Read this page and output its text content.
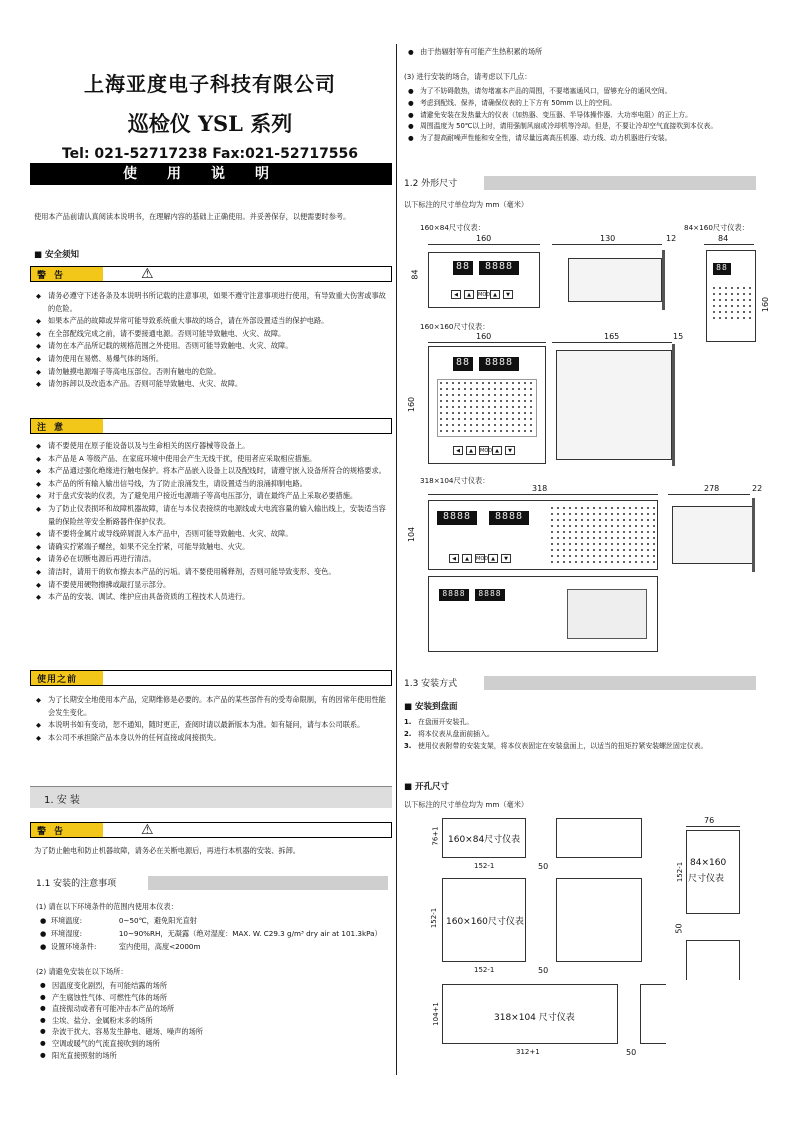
上海亚度电子科技有限公司
巡检仪 YSL 系列
Tel: 021-52717238 Fax:021-52717556
使用说明
使用本产品前请认真阅读本说明书，在理解内容的基础上正确使用。并妥善保存，以便需要时参考。
■ 安全须知
警告	⚠
◆ 请务必遵守下述各条及本说明书所记载的注意事项，如果不遵守注意事项进行使用，有导致重大伤害或事故的危险。
◆ 如果本产品的故障或异常可能导致系统重大事故的场合，请在外部设置适当的保护电路。
◆ 在全部配线完成之前，请不要接通电源。否则可能导致触电、火灾、故障。
◆ 请勿在本产品所记载的规格范围之外使用。否则可能导致触电、火灾、故障。
◆ 请勿使用在易燃、易爆气体的场所。
◆ 请勿触摸电源端子等高电压部位。否则有触电的危险。
◆ 请勿拆卸以及改造本产品。否则可能导致触电、火灾、故障。
注意
◆ 请不要使用在原子能设备以及与生命相关的医疗器械等设备上。
◆ 本产品是 A 等级产品、在家庭环境中使用会产生无线干扰，使用者应采取相应措施。
◆ 本产品通过强化绝缘进行触电保护。将本产品嵌入设备上以及配线时，请遵守嵌入设备所符合的规格要求。
◆ 本产品的所有输入输出信号线，为了防止浪涌发生，请设置适当的浪涌抑制电路。
◆ 对于盘式安装的仪表，为了避免用户接近电源端子等高电压部分，请在最终产品上采取必要措施。
◆ 为了防止仪表损坏和故障机器故障，请在与本仪表接续的电源线或大电流容量的输入输出线上，安装适当容量的保险丝等安全断路器件保护仪表。
◆ 请不要将金属片或导线碎屑混入本产品中，否则可能导致触电、火灾、故障。
◆ 请确实拧紧端子螺丝，如果不完全拧紧，可能导致触电、火灾。
◆ 请务必在切断电源后再进行清洁。
◆ 清洁时，请用干的软布擦去本产品的污垢。请不要使用稀释剂，否则可能导致变形、变色。
◆ 请不要使用硬物擦拂或敲打显示部分。
◆ 本产品的安装、调试、维护应由具备资质的工程技术人员进行。
使用之前
◆ 为了长期安全地使用本产品，定期维修是必要的。本产品的某些部件有的受寿命限制，有的因常年使用性能会发生变化。
◆ 本说明书如有变动，恕不通知，随时更正，查阅时请以最新版本为准。如有疑问，请与本公司联系。
◆ 本公司不承担除产品本身以外的任何直接或间接损失。
1. 安 装
警告	⚠
为了防止触电和防止机器故障，请务必在关断电源后，再进行本机器的安装、拆卸。
1.1 安装的注意事项
(1) 请在以下环境条件的范围内使用本仪表：
●  环境温度:	0~50℃，避免阳光直射
●  环境湿度:	10~90%RH，无凝露（绝对湿度：MAX. W. C29.3 g/m³ dry air at 101.3kPa）
●  设置环境条件:	室内使用，高度<2000m
(2) 请避免安装在以下场所：
● 因温度变化剧烈，有可能结露的场所
● 产生腐蚀性气体、可燃性气体的场所
● 直接振动或者有可能冲击本产品的场所
● 尘埃、盐分、金属粉末多的场所
● 杂波干扰大、容易发生静电、磁场、噪声的场所
● 空调或暖气的气流直接吹到的场所
● 阳光直接照射的场所
● 由于热辐射等有可能产生热积累的场所
(3) 进行安装的场合，请考虑以下几点：
● 为了不妨碍散热，请勿堵塞本产品的周围，不要堵塞通风口，留够充分的通风空间。
● 考虑到配线、保养，请确保仪表的上下方有 50mm 以上的空间。
● 请避免安装在发热量大的仪表（加热器、变压器、半导体操作器、大功率电阻）的正上方。
● 周围温度为 50℃以上时，请用强制风扇或冷却机等冷却。但是，不要让冷却空气直接吹到本仪表。
● 为了提高耐噪声性能和安全性，请尽量远离高压机器、动力线、动力机器进行安装。
1.2 外形尺寸
以下标注的尺寸单位均为 mm（毫米）
160×84尺寸仪表：	84×160尺寸仪表：
160	130	12	84
88	8888
◀ ▲ MOD ▲ ▼
84
88
160
160×160尺寸仪表：
160	165	15
88	8888
◀ ▲ MOD ▲ ▼
160
318×104尺寸仪表：
318	278	22
8888	8888
◀ ▲ MOD ▲ ▼
104
8888	8888
1.3 安装方式
■ 安装到盘面
1. 在盘面开安装孔。
2. 将本仪表从盘面前插入。
3. 使用仪表附带的安装支架，将本仪表固定在安装盘面上，以适当的扭矩拧紧安装螺丝固定仪表。
■ 开孔尺寸
以下标注的尺寸单位均为 mm（毫米）
160×84尺寸仪表
76+1
152-1	50
160×160尺寸仪表
152-1
152-1	50
318×104 尺寸仪表
104+1
312+1	50
76
84×160
尺寸仪表
152-1
50
